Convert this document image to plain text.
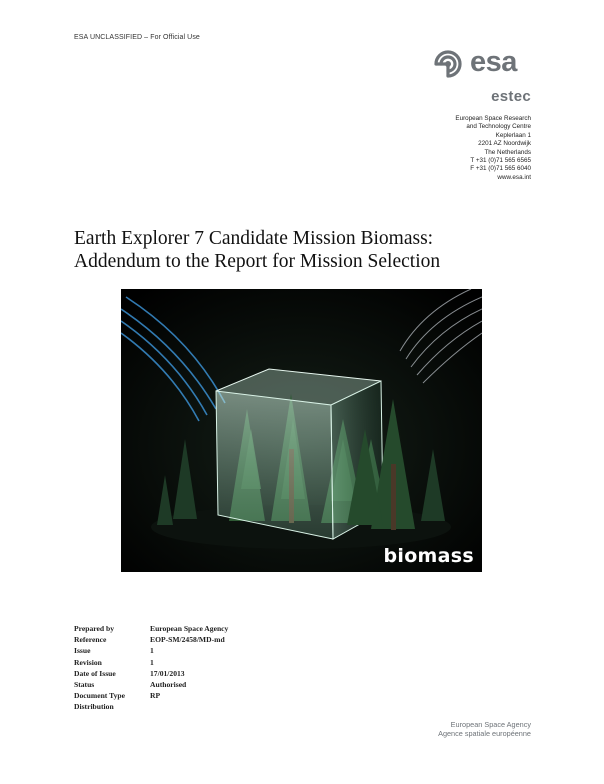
ESA UNCLASSIFIED – For Official Use
esa
estec
European Space Research
and Technology Centre
Keplerlaan 1
2201 AZ Noordwijk
The Netherlands
T +31 (0)71 565 6565
F +31 (0)71 565 6040
www.esa.int
Earth Explorer 7 Candidate Mission Biomass:
Addendum to the Report for Mission Selection
biomass
Prepared by	European Space Agency
Reference	EOP-SM/2458/MD-md
Issue	1
Revision	1
Date of Issue	17/01/2013
Status	Authorised
Document Type	RP
Distribution	
European Space Agency
Agence spatiale européenne
